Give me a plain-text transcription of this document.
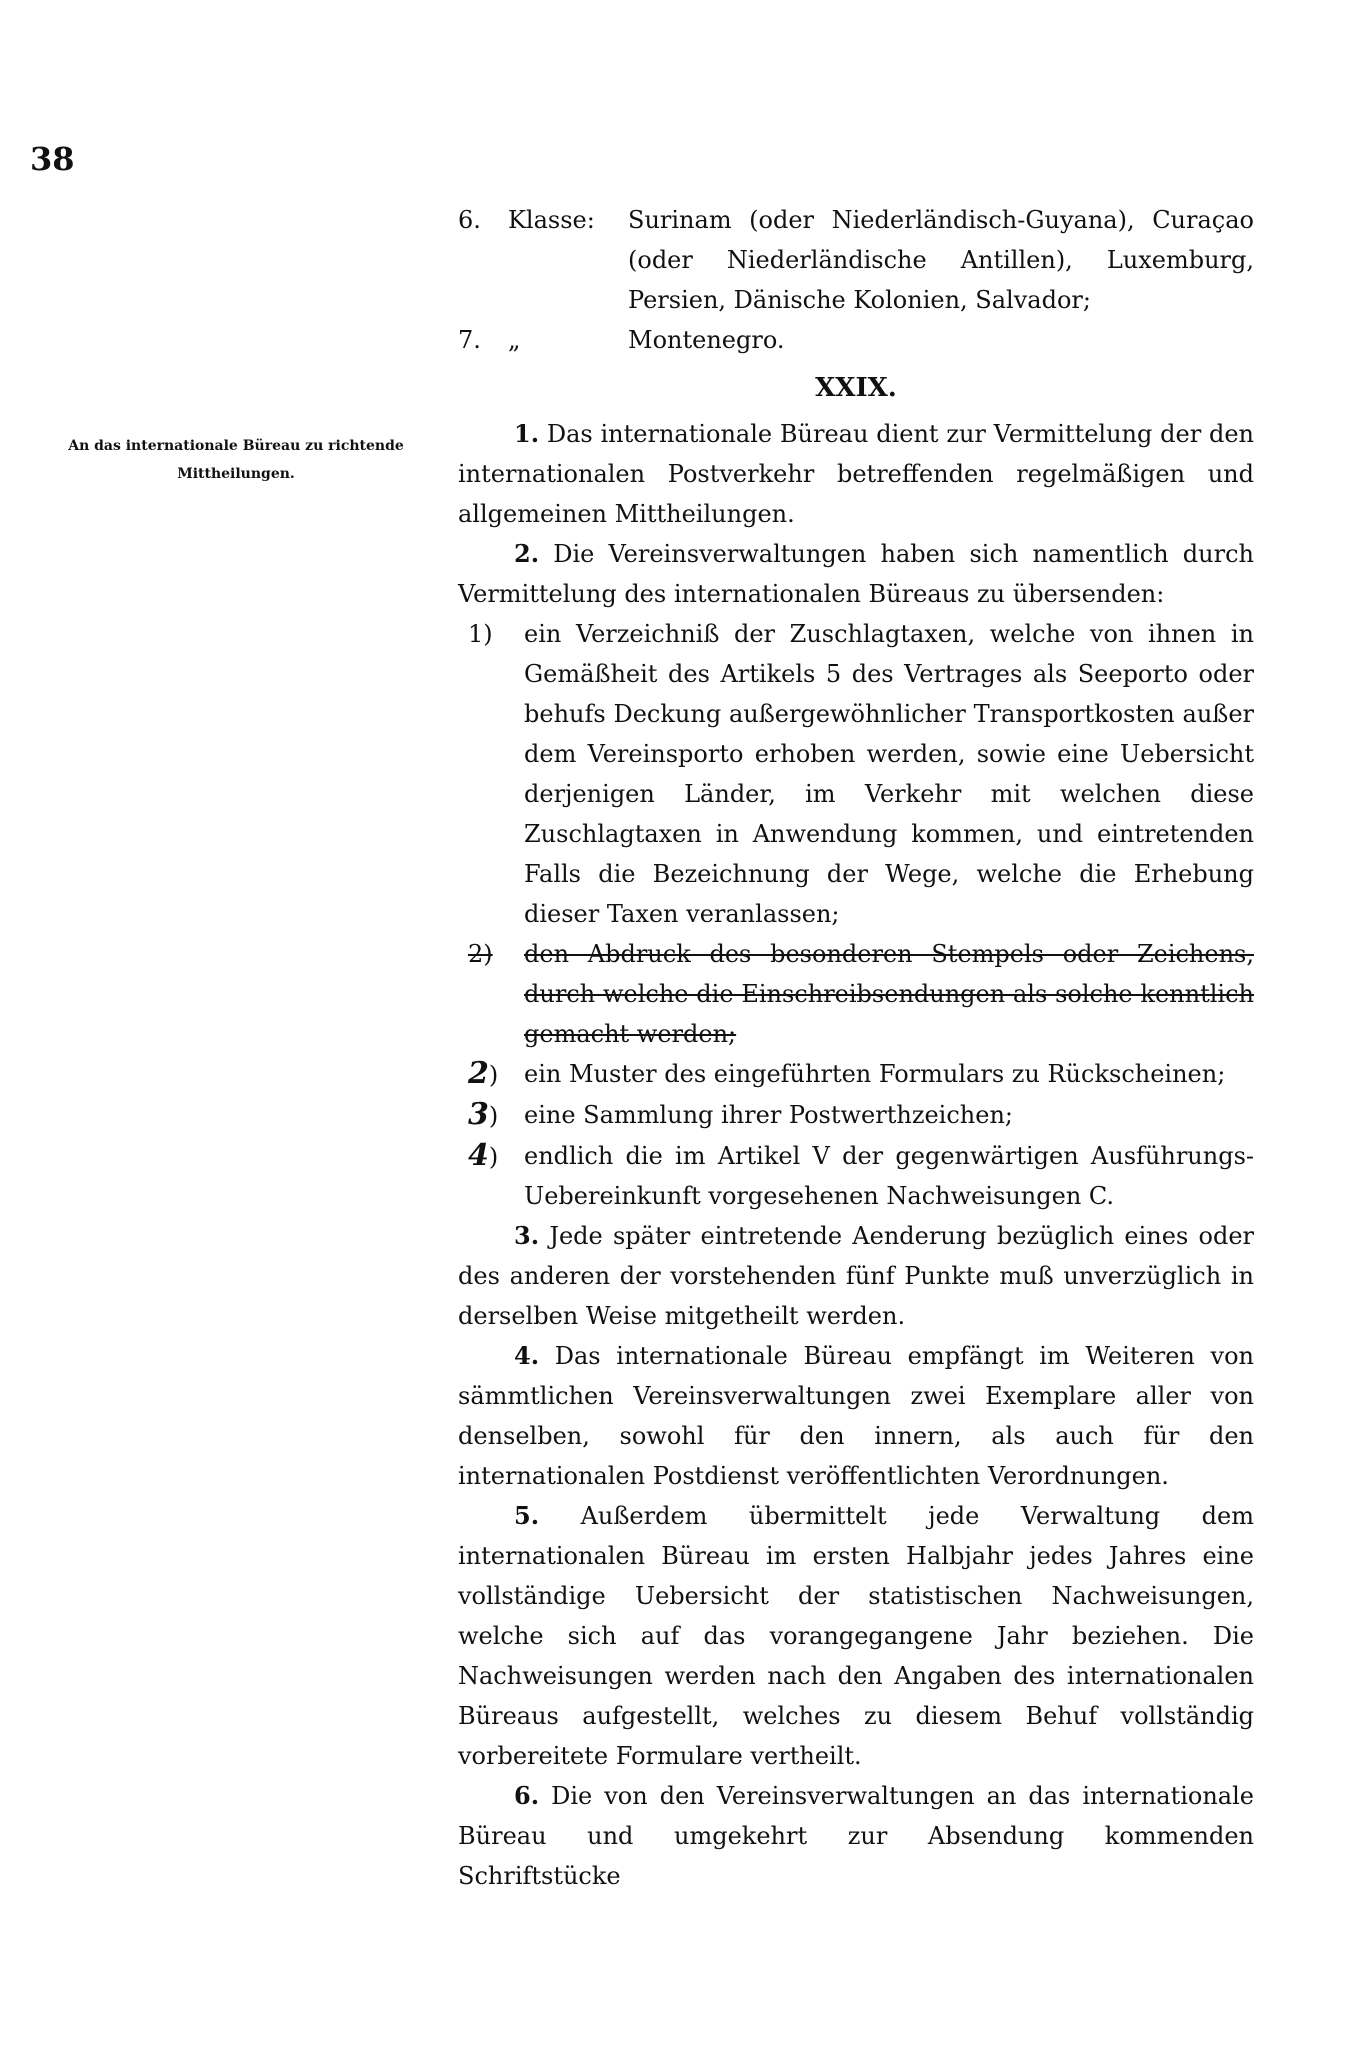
38
An das internationale Büreau zu richtende Mittheilungen.
6.	Klasse:	Surinam (oder Niederländisch-Guyana), Curaçao (oder Niederländische Antillen), Luxemburg, Persien, Dänische Kolonien, Salvador;
7.	„	Montenegro.
XXIX.
1. Das internationale Büreau dient zur Vermittelung der den internationalen Postverkehr betreffenden regelmäßigen und allgemeinen Mittheilungen.
2. Die Vereinsverwaltungen haben sich namentlich durch Vermittelung des internationalen Büreaus zu übersenden:
1)	ein Verzeichniß der Zuschlagtaxen, welche von ihnen in Gemäßheit des Artikels 5 des Vertrages als Seeporto oder behufs Deckung außergewöhnlicher Transportkosten außer dem Vereinsporto erhoben werden, sowie eine Uebersicht derjenigen Länder, im Verkehr mit welchen diese Zuschlagtaxen in Anwendung kommen, und eintretenden Falls die Bezeichnung der Wege, welche die Erhebung dieser Taxen veranlassen;
2)	den Abdruck des besonderen Stempels oder Zeichens, durch welche die Einschreibsendungen als solche kenntlich gemacht werden;
2)	ein Muster des eingeführten Formulars zu Rückscheinen;
3)	eine Sammlung ihrer Postwerthzeichen;
4)	endlich die im Artikel V der gegenwärtigen Ausführungs-Uebereinkunft vorgesehenen Nachweisungen C.
3. Jede später eintretende Aenderung bezüglich eines oder des anderen der vorstehenden fünf Punkte muß unverzüglich in derselben Weise mitgetheilt werden.
4. Das internationale Büreau empfängt im Weiteren von sämmtlichen Vereinsverwaltungen zwei Exemplare aller von denselben, sowohl für den innern, als auch für den internationalen Postdienst veröffentlichten Verordnungen.
5. Außerdem übermittelt jede Verwaltung dem internationalen Büreau im ersten Halbjahr jedes Jahres eine vollständige Uebersicht der statistischen Nachweisungen, welche sich auf das vorangegangene Jahr beziehen. Die Nachweisungen werden nach den Angaben des internationalen Büreaus aufgestellt, welches zu diesem Behuf vollständig vorbereitete Formulare vertheilt.
6. Die von den Vereinsverwaltungen an das internationale Büreau und umgekehrt zur Absendung kommenden Schriftstücke
